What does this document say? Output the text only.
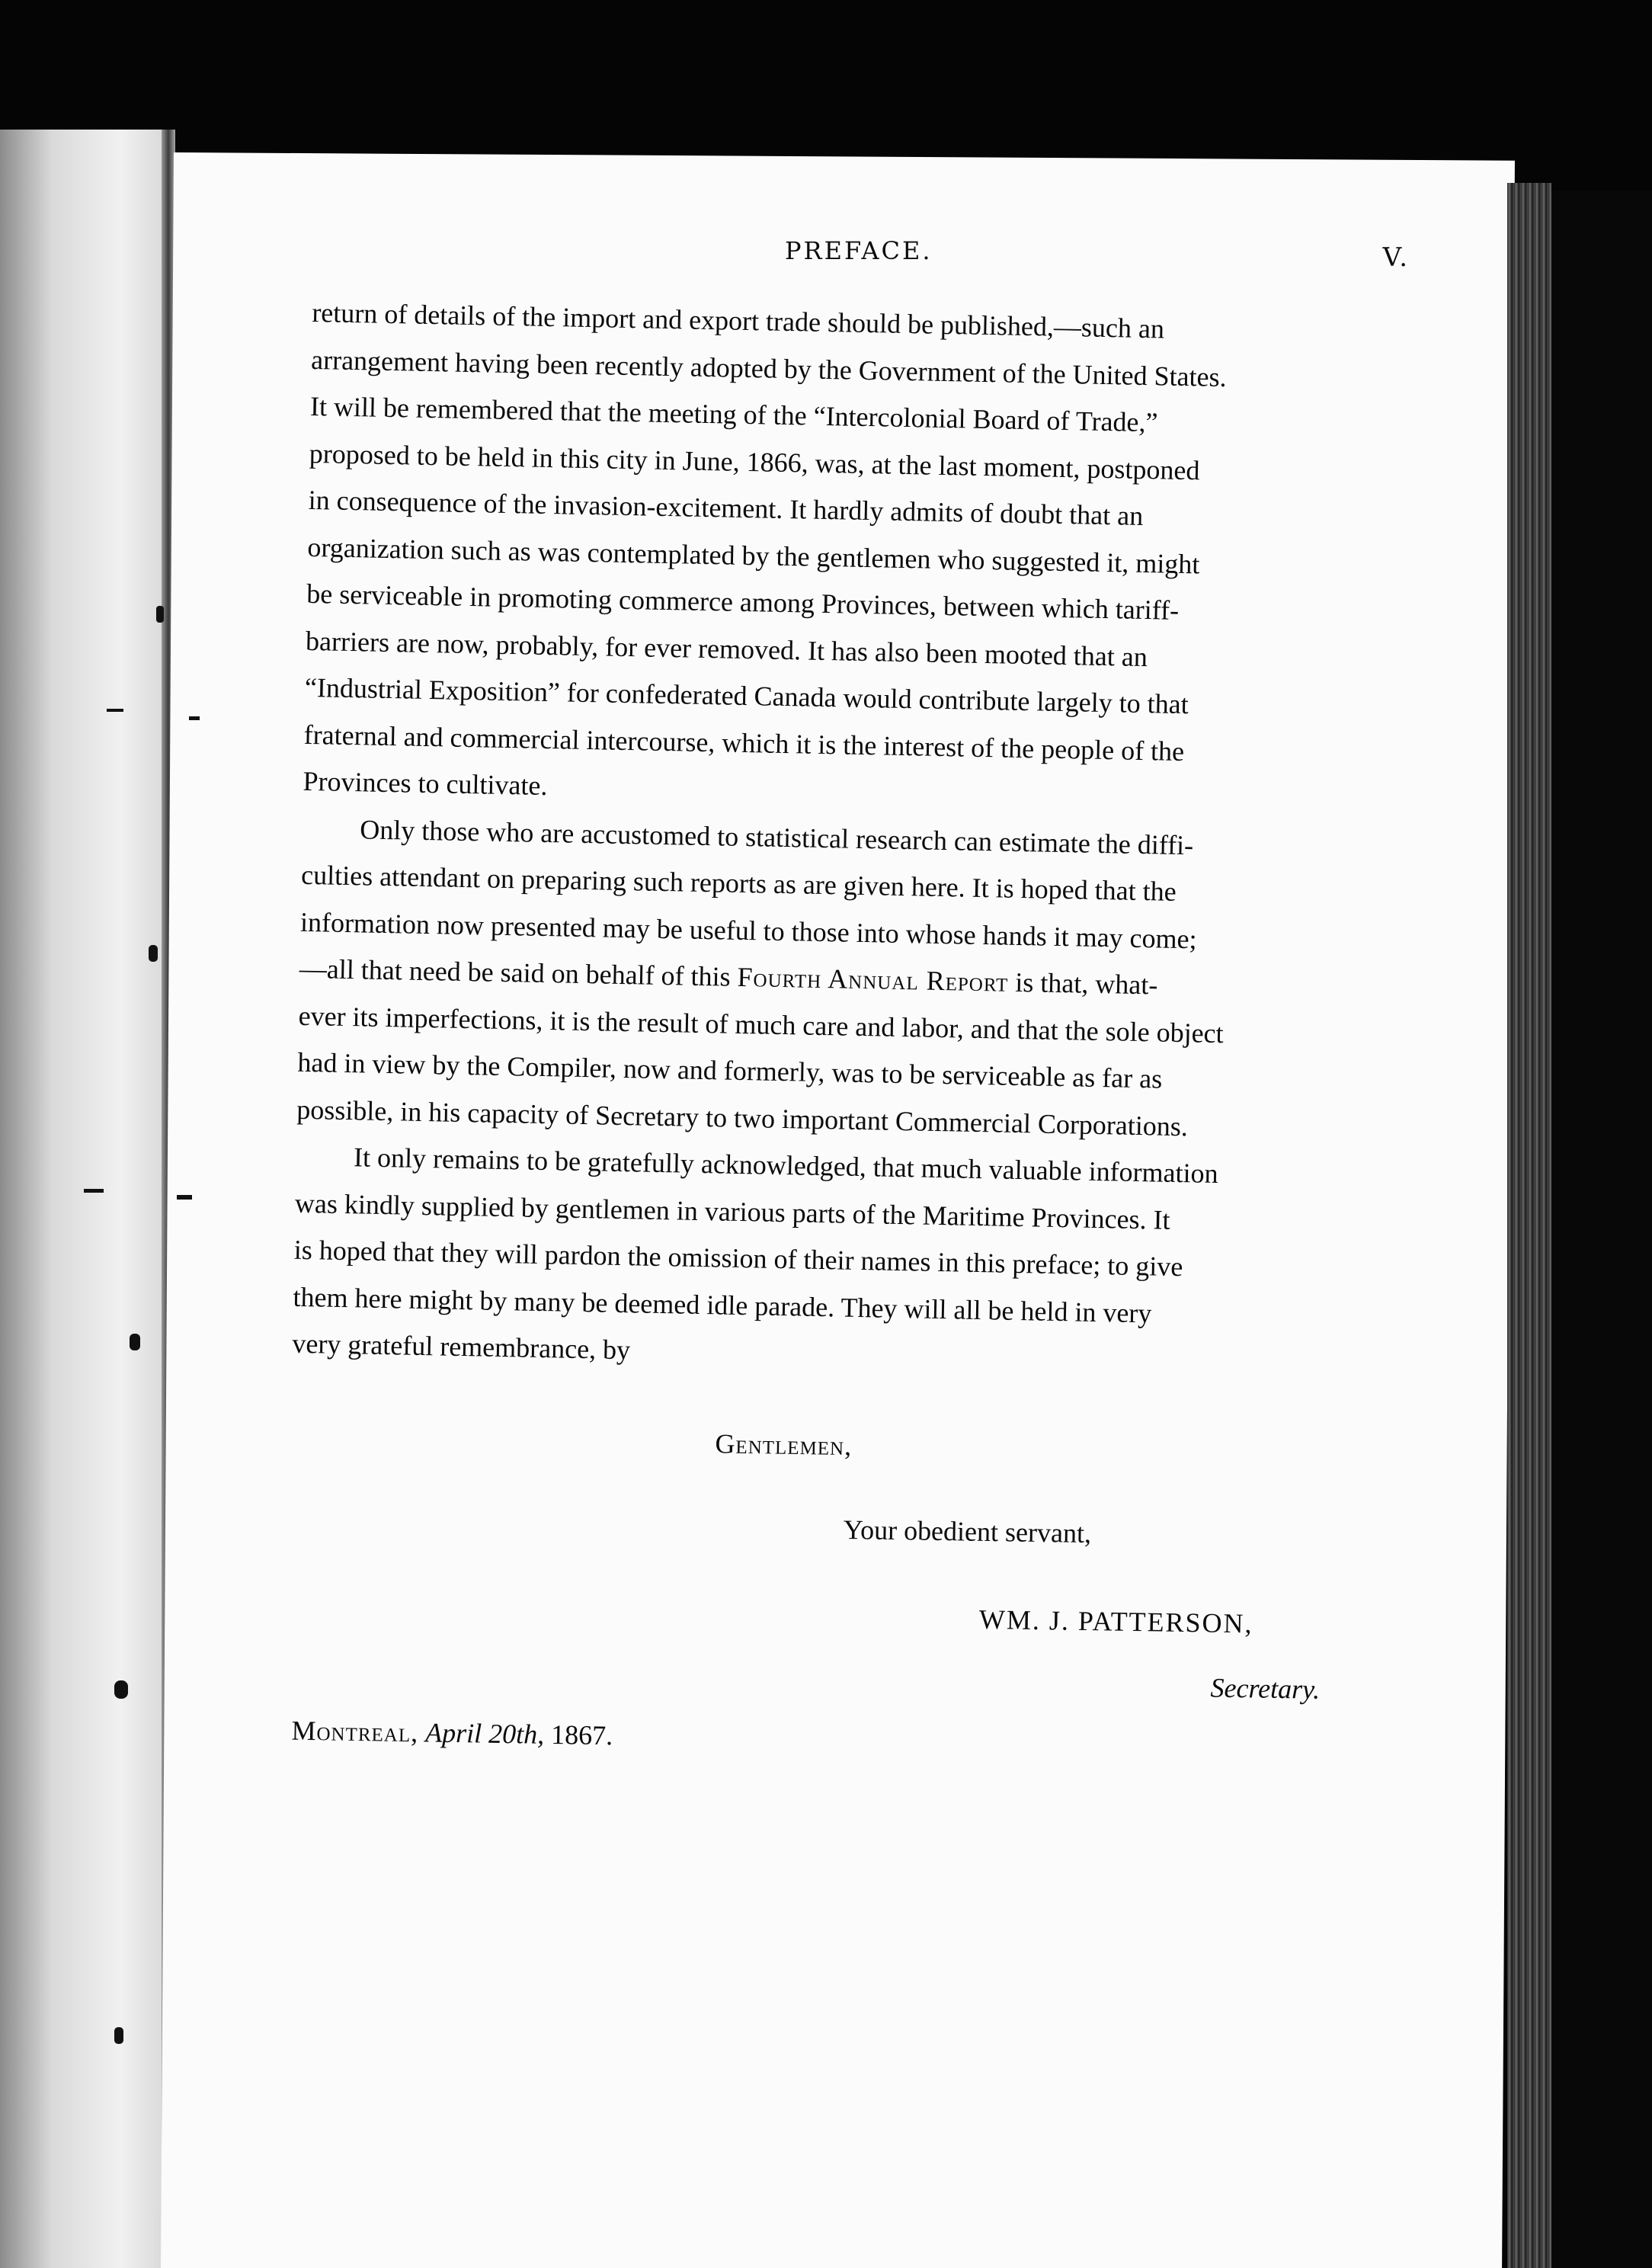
PREFACE.	V.
return of details of the import and export trade should be published,—such an
arrangement having been recently adopted by the Government of the United States.
It will be remembered that the meeting of the “Intercolonial Board of Trade,”
proposed to be held in this city in June, 1866, was, at the last moment, postponed
in consequence of the invasion-excitement. It hardly admits of doubt that an
organization such as was contemplated by the gentlemen who suggested it, might
be serviceable in promoting commerce among Provinces, between which tariff-
barriers are now, probably, for ever removed. It has also been mooted that an
“Industrial Exposition” for confederated Canada would contribute largely to that
fraternal and commercial intercourse, which it is the interest of the people of the
Provinces to cultivate.
Only those who are accustomed to statistical research can estimate the diffi-
culties attendant on preparing such reports as are given here. It is hoped that the
information now presented may be useful to those into whose hands it may come;
—all that need be said on behalf of this Fourth Annual Report is that, what-
ever its imperfections, it is the result of much care and labor, and that the sole object
had in view by the Compiler, now and formerly, was to be serviceable as far as
possible, in his capacity of Secretary to two important Commercial Corporations.
It only remains to be gratefully acknowledged, that much valuable information
was kindly supplied by gentlemen in various parts of the Maritime Provinces. It
is hoped that they will pardon the omission of their names in this preface; to give
them here might by many be deemed idle parade. They will all be held in very
very grateful remembrance, by
Gentlemen,
Your obedient servant,
WM. J. PATTERSON,
Secretary.
Montreal, April 20th, 1867.
